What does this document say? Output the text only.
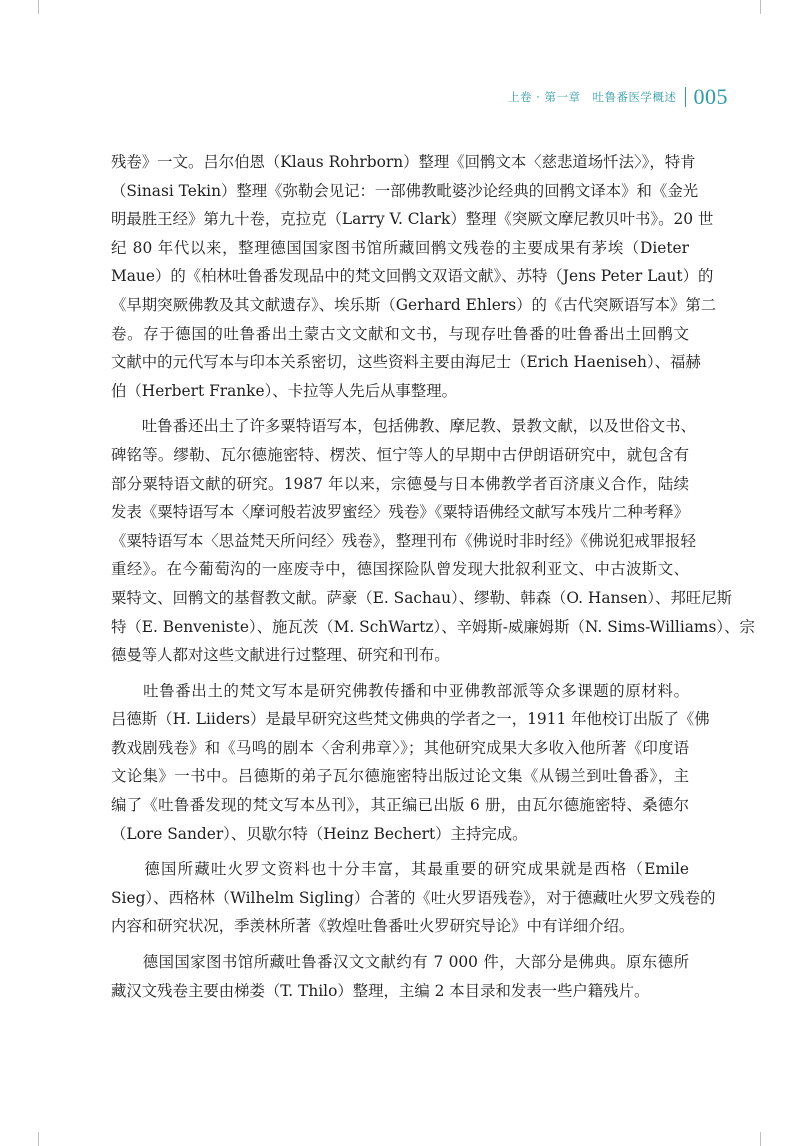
上卷 · 第一章　吐鲁番医学概述 005
残卷》一文。吕尔伯恩（Klaus Rohrborn）整理《回鹘文本〈慈悲道场忏法〉》，特肯
（Sinasi Tekin）整理《弥勒会见记：一部佛教毗婆沙论经典的回鹘文译本》和《金光
明最胜王经》第九十卷，克拉克（Larry V. Clark）整理《突厥文摩尼教贝叶书》。20 世
纪 80 年代以来，整理德国国家图书馆所藏回鹘文残卷的主要成果有茅埃（Dieter
Maue）的《柏林吐鲁番发现品中的梵文回鹘文双语文献》、苏特（Jens Peter Laut）的
《早期突厥佛教及其文献遗存》、埃乐斯（Gerhard Ehlers）的《古代突厥语写本》第二
卷。存于德国的吐鲁番出土蒙古文文献和文书，与现存吐鲁番的吐鲁番出土回鹘文
文献中的元代写本与印本关系密切，这些资料主要由海尼士（Erich Haeniseh）、福赫
伯（Herbert Franke）、卡拉等人先后从事整理。
　　吐鲁番还出土了许多粟特语写本，包括佛教、摩尼教、景教文献，以及世俗文书、
碑铭等。缪勒、瓦尔德施密特、楞茨、恒宁等人的早期中古伊朗语研究中，就包含有
部分粟特语文献的研究。1987 年以来，宗德曼与日本佛教学者百济康义合作，陆续
发表《粟特语写本〈摩诃般若波罗蜜经〉残卷》《粟特语佛经文献写本残片二种考释》
《粟特语写本〈思益梵天所问经〉残卷》，整理刊布《佛说时非时经》《佛说犯戒罪报轻
重经》。在今葡萄沟的一座废寺中，德国探险队曾发现大批叙利亚文、中古波斯文、
粟特文、回鹘文的基督教文献。萨豪（E. Sachau）、缪勒、韩森（O. Hansen）、邦旺尼斯
特（E. Benveniste）、施瓦茨（M. SchWartz）、辛姆斯-威廉姆斯（N. Sims-Williams）、宗
德曼等人都对这些文献进行过整理、研究和刊布。
　　吐鲁番出土的梵文写本是研究佛教传播和中亚佛教部派等众多课题的原材料。
吕德斯（H. Liiders）是最早研究这些梵文佛典的学者之一，1911 年他校订出版了《佛
教戏剧残卷》和《马鸣的剧本〈舍利弗章〉》；其他研究成果大多收入他所著《印度语
文论集》一书中。吕德斯的弟子瓦尔德施密特出版过论文集《从锡兰到吐鲁番》，主
编了《吐鲁番发现的梵文写本丛刊》，其正编已出版 6 册，由瓦尔德施密特、桑德尔
（Lore Sander）、贝歇尔特（Heinz Bechert）主持完成。
　　德国所藏吐火罗文资料也十分丰富，其最重要的研究成果就是西格（Emile
Sieg）、西格林（Wilhelm Sigling）合著的《吐火罗语残卷》，对于德藏吐火罗文残卷的
内容和研究状况，季羡林所著《敦煌吐鲁番吐火罗研究导论》中有详细介绍。
　　德国国家图书馆所藏吐鲁番汉文文献约有 7 000 件，大部分是佛典。原东德所
藏汉文残卷主要由梯娄（T. Thilo）整理，主编 2 本目录和发表一些户籍残片。
